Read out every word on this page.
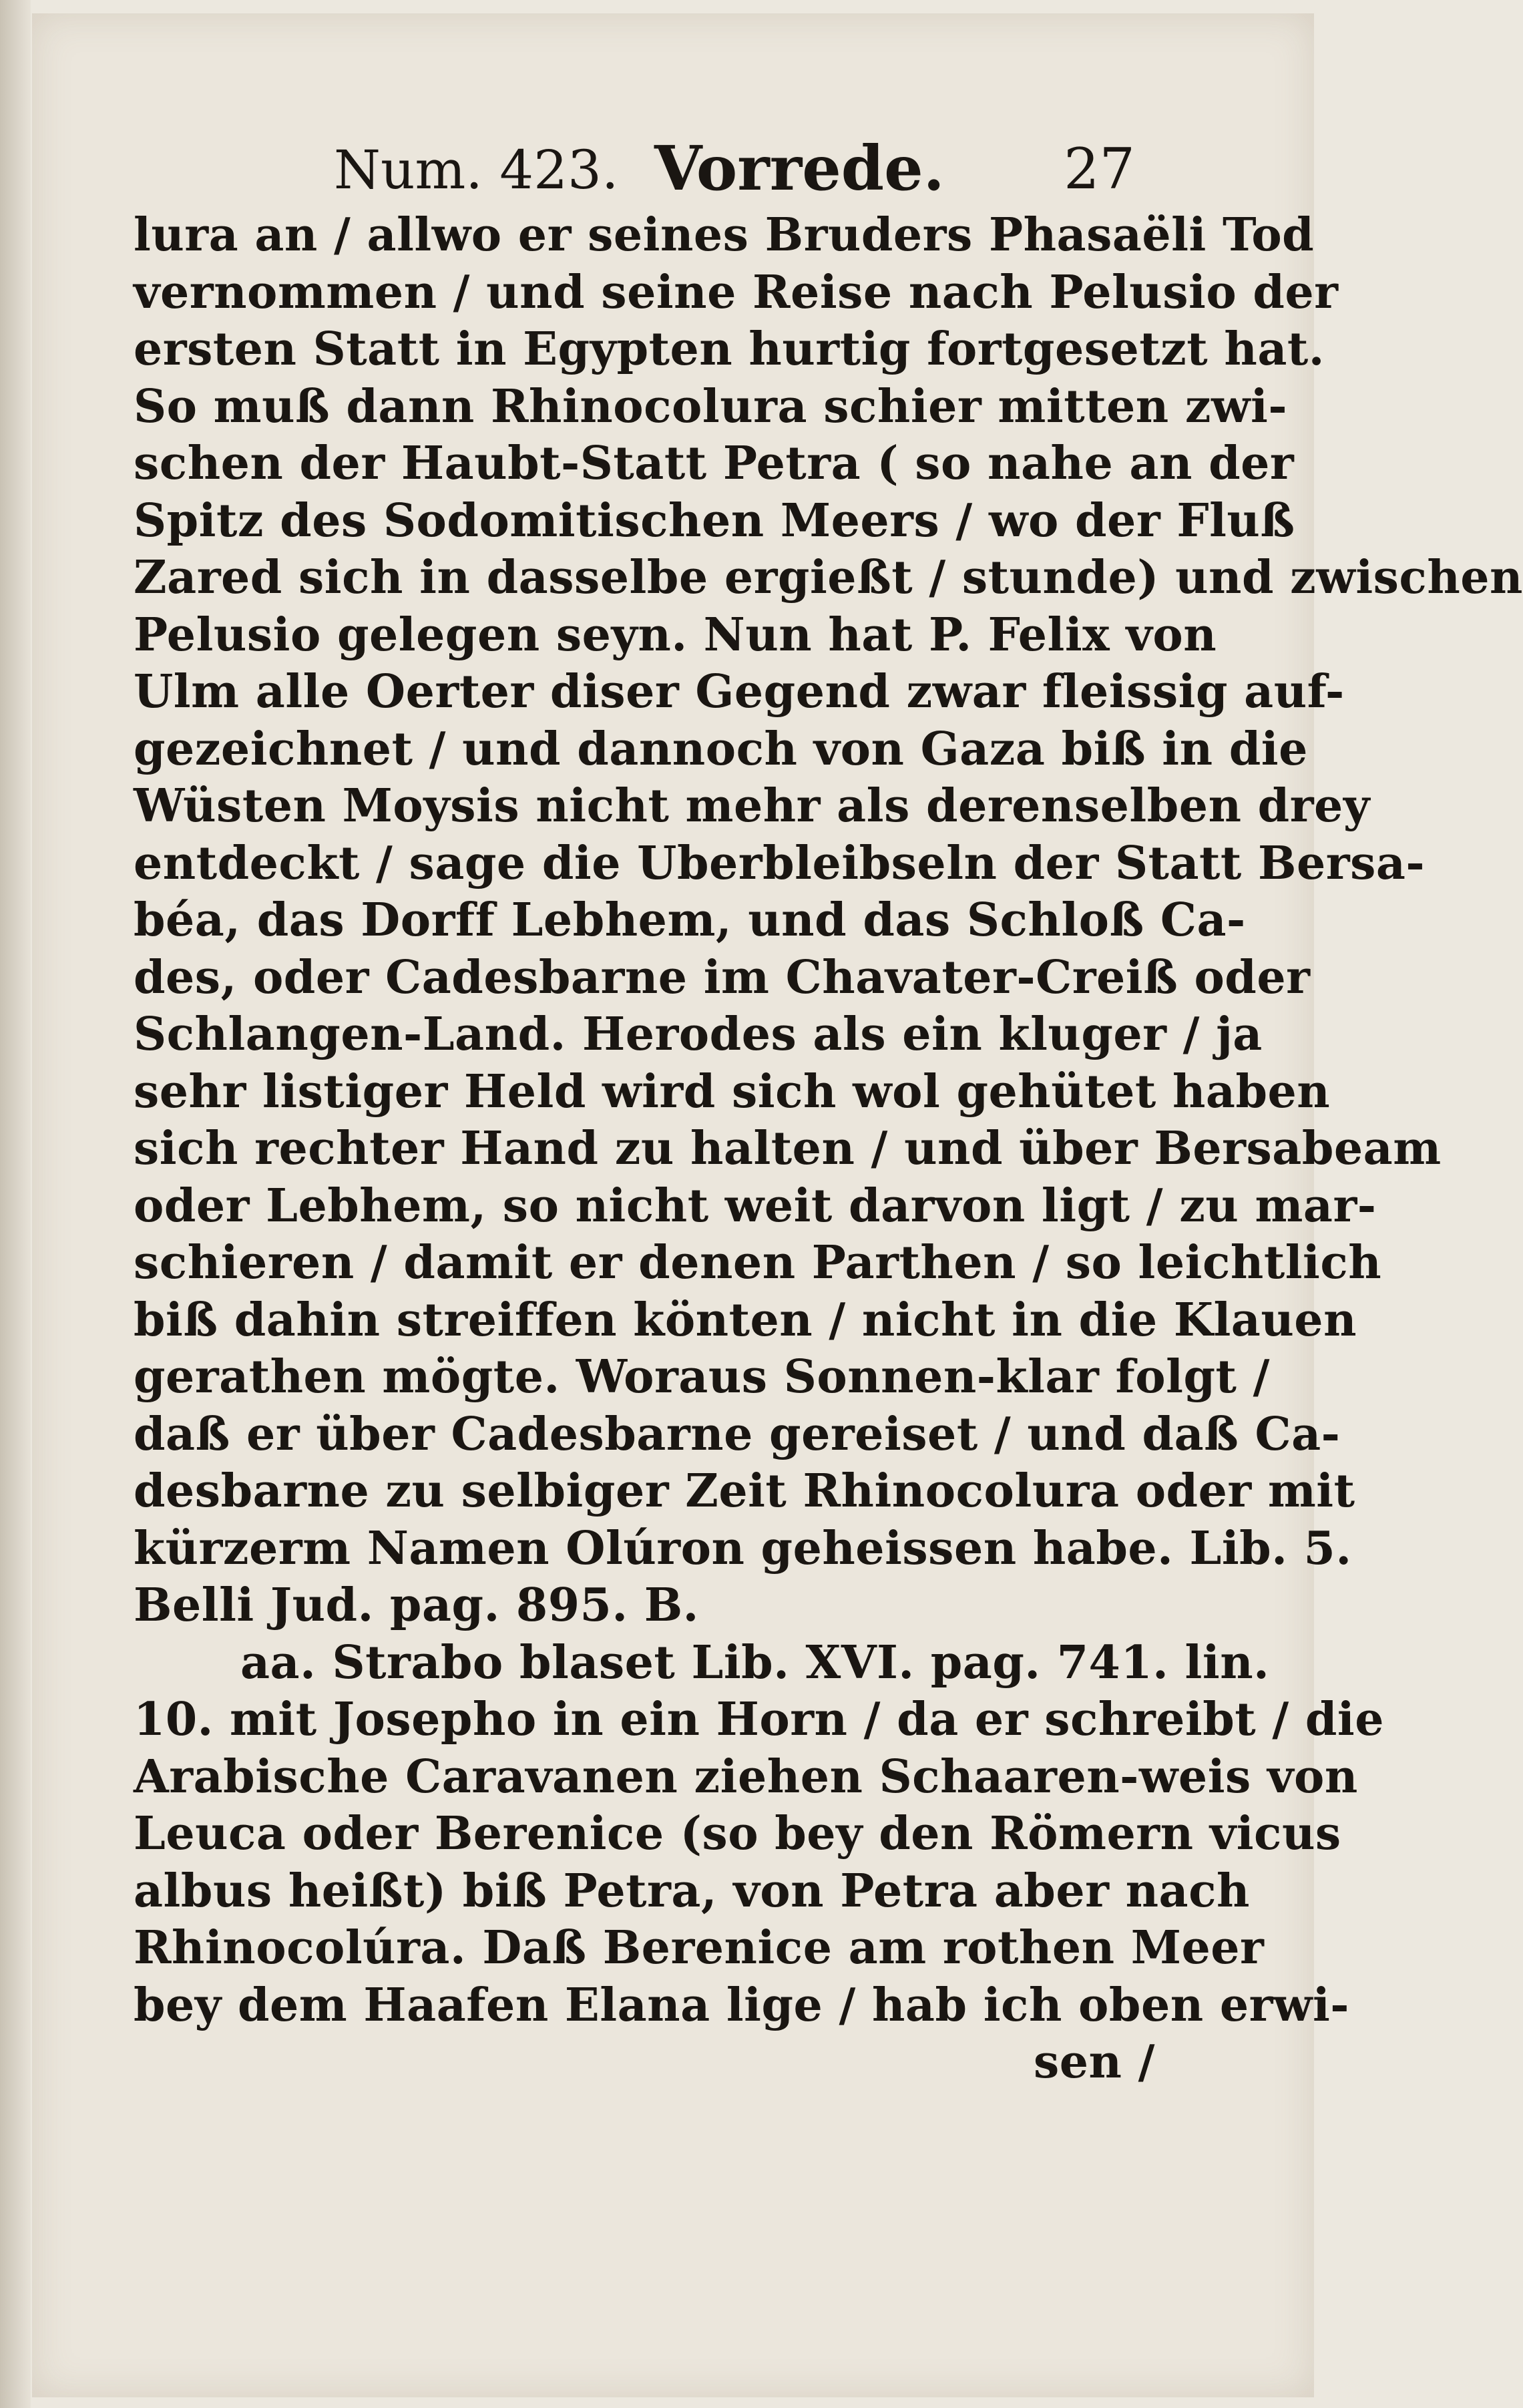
Num. 423. Vorrede. 27
lura an / allwo er seines Bruders Phasaëli Tod
vernommen / und seine Reise nach Pelusio der
ersten Statt in Egypten hurtig fortgesetzt hat.
So muß dann Rhinocolura schier mitten zwi-
schen der Haubt-Statt Petra ( so nahe an der
Spitz des Sodomitischen Meers / wo der Fluß
Zared sich in dasselbe ergießt / stunde) und zwischen
Pelusio gelegen seyn. Nun hat P. Felix von
Ulm alle Oerter diser Gegend zwar fleissig auf-
gezeichnet / und dannoch von Gaza biß in die
Wüsten Moysis nicht mehr als derenselben drey
entdeckt / sage die Uberbleibseln der Statt Bersa-
béa, das Dorff Lebhem, und das Schloß Ca-
des, oder Cadesbarne im Chavater-Creiß oder
Schlangen-Land. Herodes als ein kluger / ja
sehr listiger Held wird sich wol gehütet haben
sich rechter Hand zu halten / und über Bersabeam
oder Lebhem, so nicht weit darvon ligt / zu mar-
schieren / damit er denen Parthen / so leichtlich
biß dahin streiffen könten / nicht in die Klauen
gerathen mögte. Woraus Sonnen-klar folgt /
daß er über Cadesbarne gereiset / und daß Ca-
desbarne zu selbiger Zeit Rhinocolura oder mit
kürzerm Namen Olúron geheissen habe. Lib. 5.
Belli Jud. pag. 895. B.
aa. Strabo blaset Lib. XVI. pag. 741. lin.
10. mit Josepho in ein Horn / da er schreibt / die
Arabische Caravanen ziehen Schaaren-weis von
Leuca oder Berenice (so bey den Römern vicus
albus heißt) biß Petra, von Petra aber nach
Rhinocolúra. Daß Berenice am rothen Meer
bey dem Haafen Elana lige / hab ich oben erwi-
sen /
